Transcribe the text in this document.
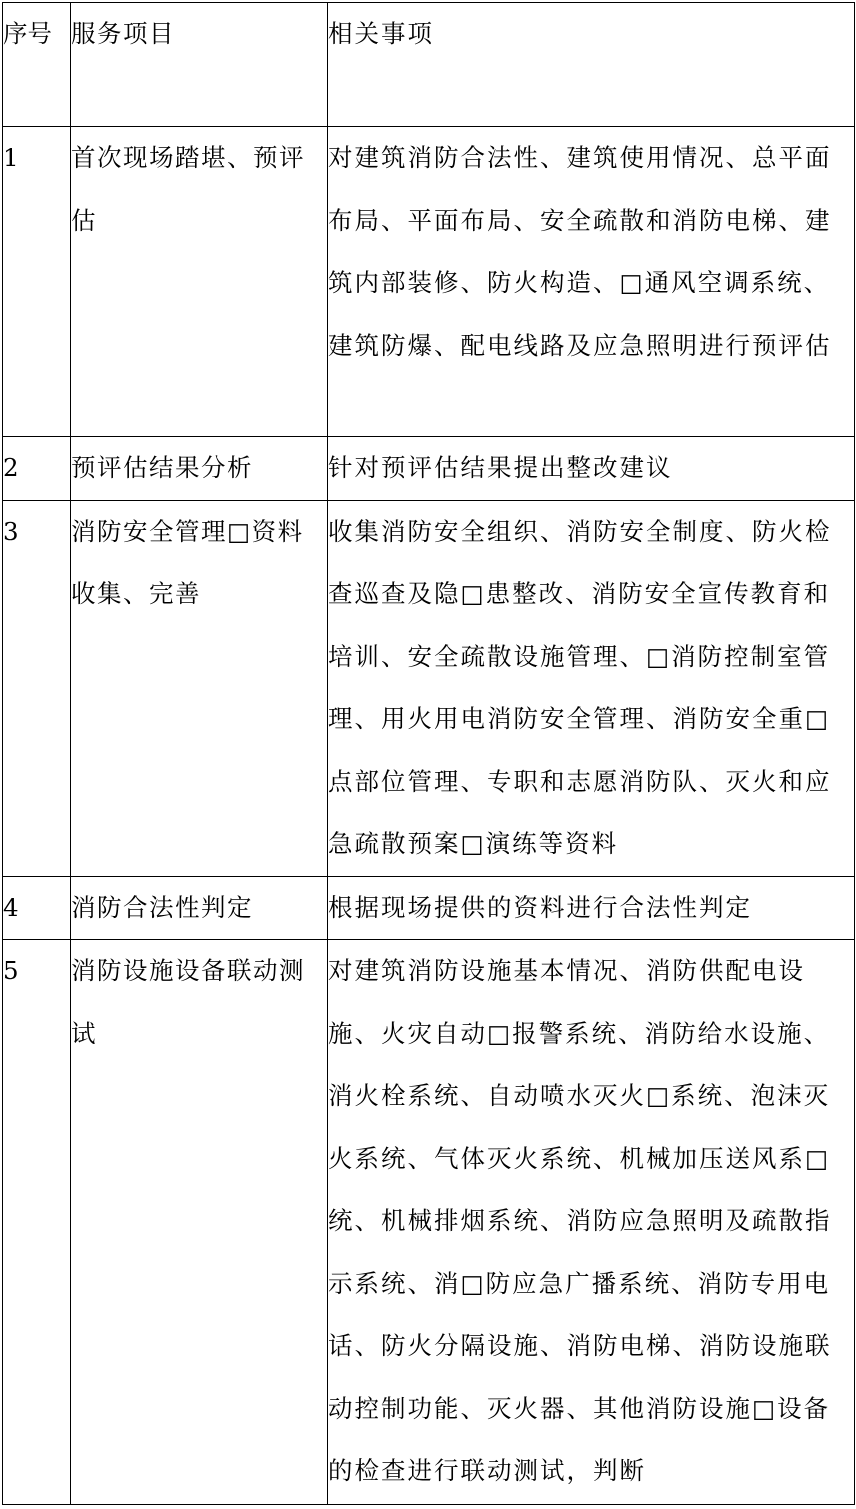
序号	服务项目	相关事项
1	首次现场踏堪、预评估	对建筑消防合法性、建筑使用情况、总平面布局、平面布局、安全疏散和消防电梯、建筑内部装修、防火构造、□通风空调系统、建筑防爆、配电线路及应急照明进行预评估
2	预评估结果分析	针对预评估结果提出整改建议
3	消防安全管理□资料收集、完善	收集消防安全组织、消防安全制度、防火检查巡查及隐□患整改、消防安全宣传教育和培训、安全疏散设施管理、□消防控制室管理、用火用电消防安全管理、消防安全重□点部位管理、专职和志愿消防队、灭火和应急疏散预案□演练等资料
4	消防合法性判定	根据现场提供的资料进行合法性判定
5	消防设施设备联动测试	对建筑消防设施基本情况、消防供配电设施、火灾自动□报警系统、消防给水设施、消火栓系统、自动喷水灭火□系统、泡沫灭火系统、气体灭火系统、机械加压送风系□统、机械排烟系统、消防应急照明及疏散指示系统、消□防应急广播系统、消防专用电话、防火分隔设施、消防电梯、消防设施联动控制功能、灭火器、其他消防设施□设备的检查进行联动测试，判断
